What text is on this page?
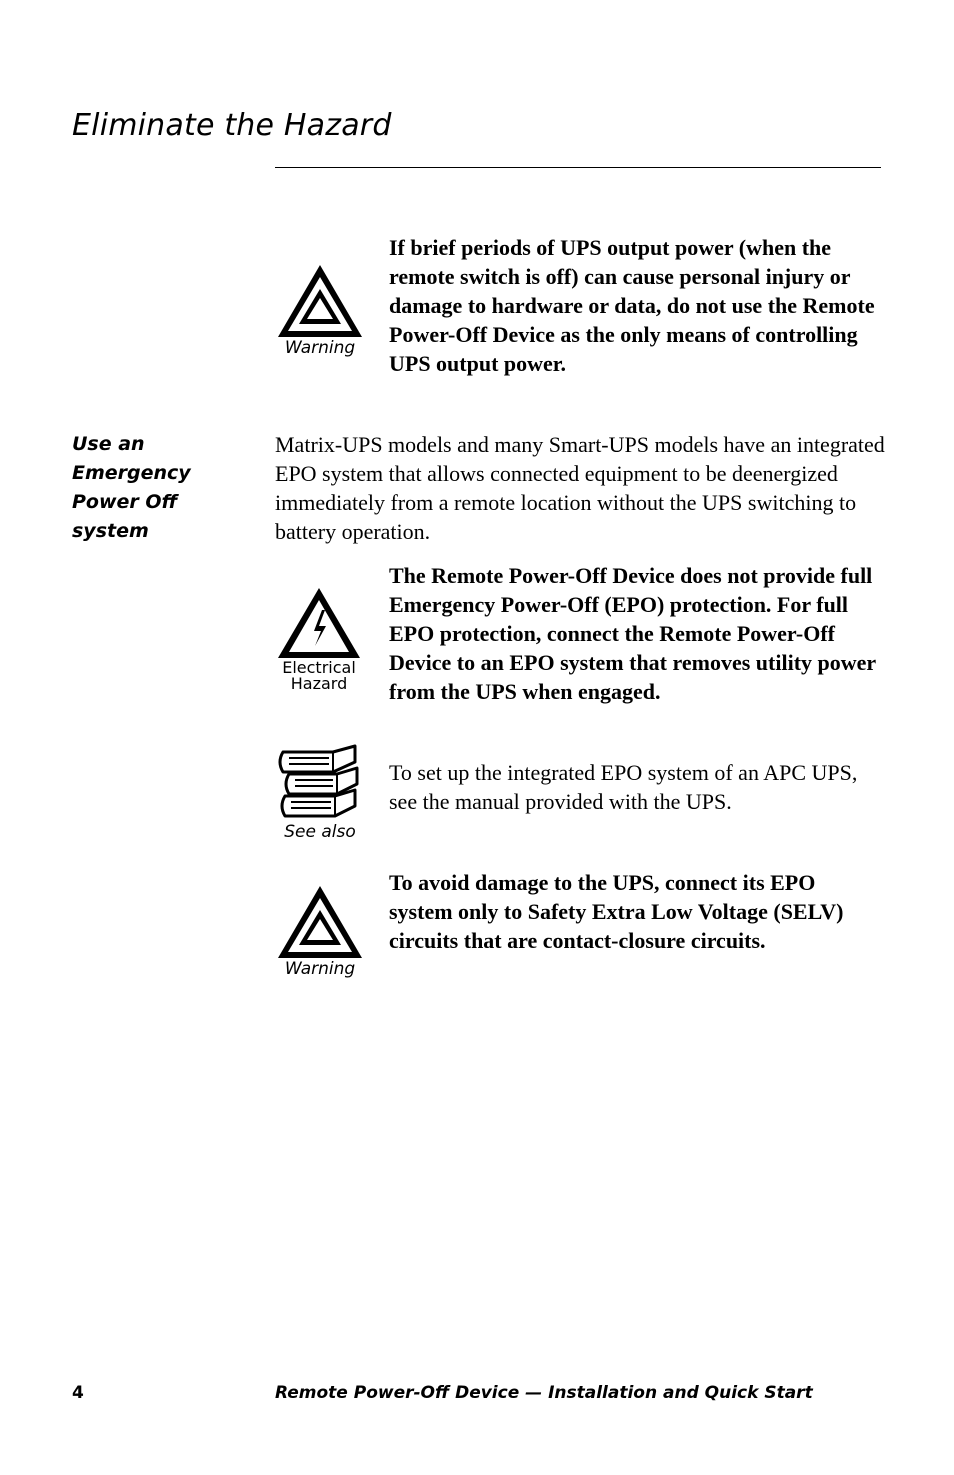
Eliminate the Hazard
Warning

If brief periods of UPS output power (when the remote switch is off) can cause personal injury or damage to hardware or data, do not use the Remote Power-Off Device as the only means of controlling UPS output power.

Use an Emergency Power Off system

Matrix-UPS models and many Smart-UPS models have an integrated EPO system that allows connected equipment to be deenergized immediately from a remote location without the UPS switching to battery operation.

Electrical
Hazard

The Remote Power-Off Device does not provide full Emergency Power-Off (EPO) protection. For full EPO protection, connect the Remote Power-Off Device to an EPO system that removes utility power from the UPS when engaged.

See also

To set up the integrated EPO system of an APC UPS, see the manual provided with the UPS.

Warning

To avoid damage to the UPS, connect its EPO system only to Safety Extra Low Voltage (SELV) circuits that are contact-closure circuits.

4	Remote Power-Off Device — Installation and Quick Start
